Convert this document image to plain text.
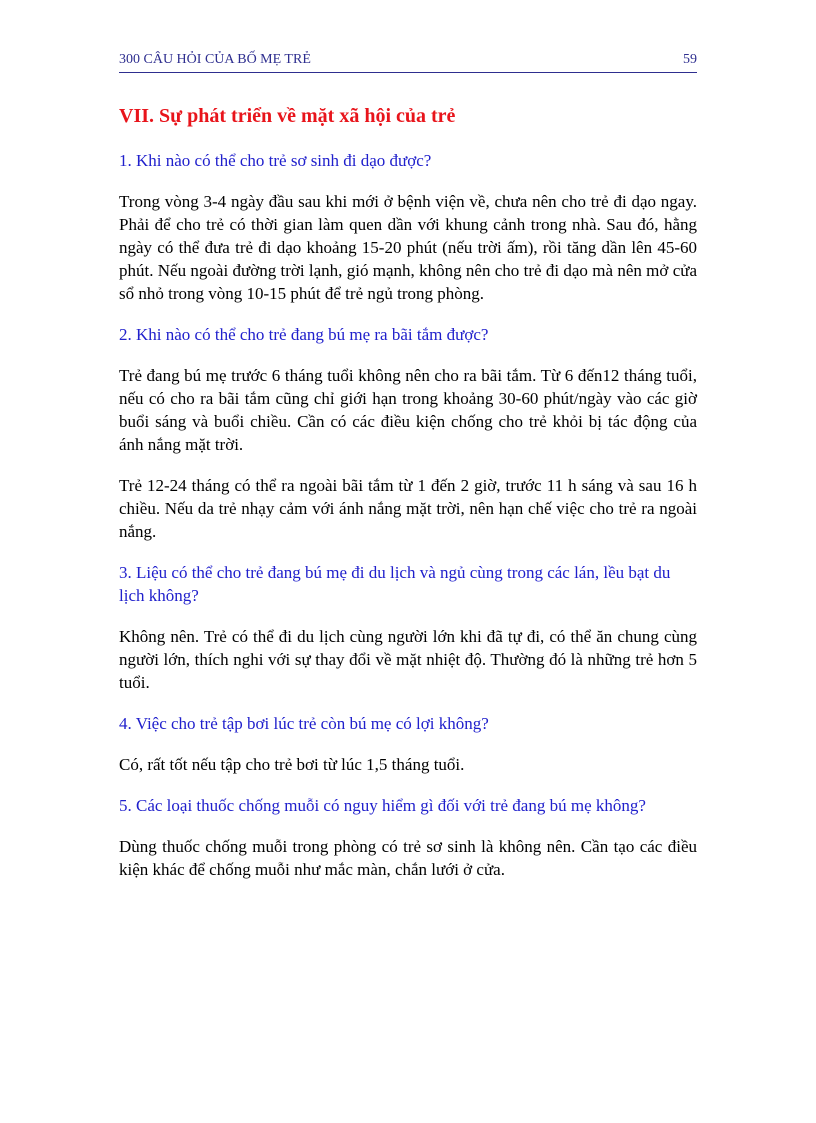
300 CÂU HỎI CỦA BỐ MẸ TRẺ	59
VII. Sự phát triển về mặt xã hội của trẻ

1. Khi nào có thể cho trẻ sơ sinh đi dạo được?

Trong vòng 3-4 ngày đầu sau khi mới ở bệnh viện về, chưa nên cho trẻ đi dạo ngay. Phải để cho trẻ có thời gian làm quen dần với khung cảnh trong nhà. Sau đó, hằng ngày có thể đưa trẻ đi dạo khoảng 15-20 phút (nếu trời ấm), rồi tăng dần lên 45-60 phút. Nếu ngoài đường trời lạnh, gió mạnh, không nên cho trẻ đi dạo mà nên mở cửa sổ nhỏ trong vòng 10-15 phút để trẻ ngủ trong phòng.

2. Khi nào có thể cho trẻ đang bú mẹ ra bãi tắm được?

Trẻ đang bú mẹ trước 6 tháng tuổi không nên cho ra bãi tắm. Từ 6 đến12 tháng tuổi, nếu có cho ra bãi tắm cũng chỉ giới hạn trong khoảng 30-60 phút/ngày vào các giờ buổi sáng và buổi chiều. Cần có các điều kiện chống cho trẻ khỏi bị tác động của ánh nắng mặt trời.

Trẻ 12-24 tháng có thể ra ngoài bãi tắm từ 1 đến 2 giờ, trước 11 h sáng và sau 16 h chiều. Nếu da trẻ nhạy cảm với ánh nắng mặt trời, nên hạn chế việc cho trẻ ra ngoài nắng.

3. Liệu có thể cho trẻ đang bú mẹ đi du lịch và ngủ cùng trong các lán, lều bạt du lịch không?

Không nên. Trẻ có thể đi du lịch cùng người lớn khi đã tự đi, có thể ăn chung cùng người lớn, thích nghi với sự thay đổi về mặt nhiệt độ. Thường đó là những trẻ hơn 5 tuổi.

4. Việc cho trẻ tập bơi lúc trẻ còn bú mẹ có lợi không?

Có, rất tốt nếu tập cho trẻ bơi từ lúc 1,5 tháng tuổi.

5. Các loại thuốc chống muỗi có nguy hiểm gì đối với trẻ đang bú mẹ không?

Dùng thuốc chống muỗi trong phòng có trẻ sơ sinh là không nên. Cần tạo các điều kiện khác để chống muỗi như mắc màn, chắn lưới ở cửa.
